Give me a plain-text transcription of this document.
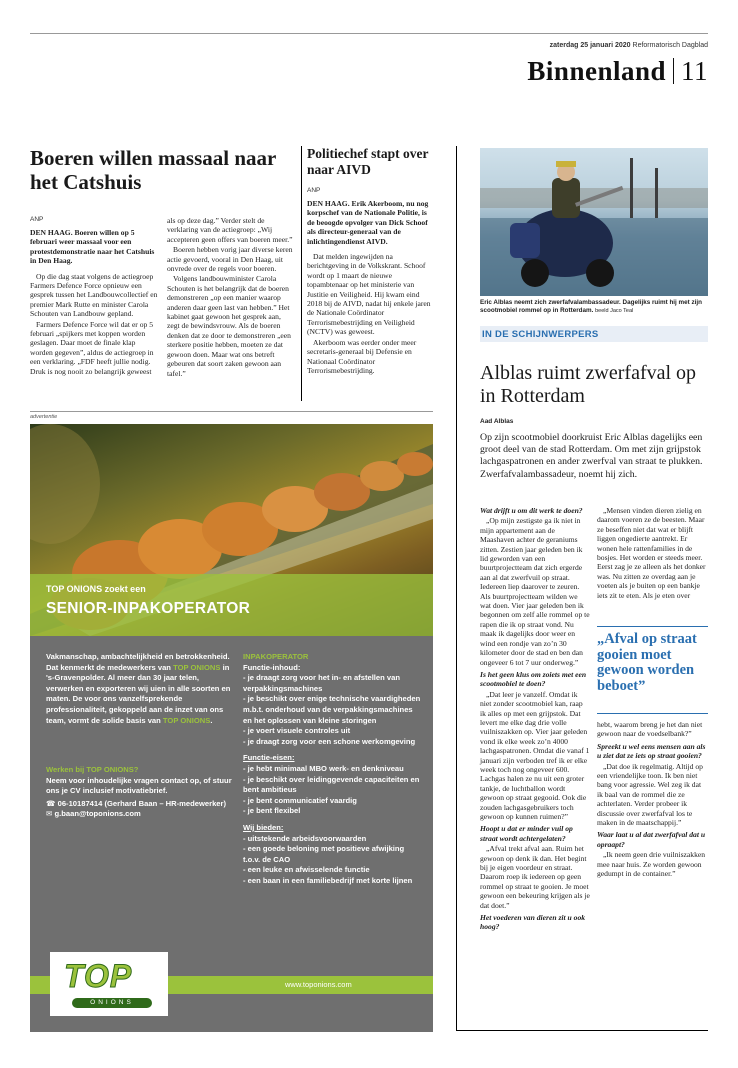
zaterdag 25 januari 2020 Reformatorisch Dagblad
Binnenland 11
Boeren willen massaal naar het Catshuis
ANP

DEN HAAG. Boeren willen op 5 februari weer massaal voor een protestdemonstratie naar het Catshuis in Den Haag.

Op die dag staat volgens de actiegroep Farmers Defence Force opnieuw een gesprek tussen het Landbouwcollectief en premier Mark Rutte en minister Carola Schouten van Landbouw gepland.

Farmers Defence Force wil dat er op 5 februari „spijkers met koppen worden geslagen. Daar moet de finale klap worden gegeven”, aldus de actiegroep in een verklaring. „FDF heeft jullie nodig. Druk is nog nooit zo belangrijk geweest

als op deze dag.” Verder stelt de verklaring van de actiegroep: „Wij accepteren geen offers van boeren meer.”

Boeren hebben vorig jaar diverse keren actie gevoerd, vooral in Den Haag, uit onvrede over de regels voor boeren.

Volgens landbouwminister Carola Schouten is het belangrijk dat de boeren demonstreren „op een manier waarop anderen daar geen last van hebben.” Het kabinet gaat gewoon het gesprek aan, zegt de bewindsvrouw. Als de boeren denken dat ze door te demonstreren „een sterkere positie hebben, moeten ze dat gewoon doen. Maar wat ons betreft gebeuren dat soort zaken gewoon aan tafel.”

Politiechef stapt over naar AIVD
ANP

DEN HAAG. Erik Akerboom, nu nog korpschef van de Nationale Politie, is de beoogde opvolger van Dick Schoof als directeur-generaal van de inlichtingendienst AIVD.

Dat melden ingewijden na berichtgeving in de Volkskrant. Schoof wordt op 1 maart de nieuwe topambtenaar op het ministerie van Justitie en Veiligheid. Hij kwam eind 2018 bij de AIVD, nadat hij enkele jaren de Nationale Coördinator Terrorismebestrijding en Veiligheid (NCTV) was geweest.

Akerboom was eerder onder meer secretaris-generaal bij Defensie en Nationaal Coördinator Terrorismebestrijding.

advertentie
TOP ONIONS zoekt een
SENIOR-INPAKOPERATOR
Vakmanschap, ambachtelijkheid en betrokkenheid. Dat kenmerkt de medewerkers van TOP ONIONS in 's-Gravenpolder. Al meer dan 30 jaar telen, verwerken en exporteren wij uien in alle soorten en maten. De voor ons vanzelfsprekende professionaliteit, gekoppeld aan de inzet van ons team, vormt de solide basis van TOP ONIONS.
Werken bij TOP ONIONS?
Neem voor inhoudelijke vragen contact op, of stuur ons je CV inclusief motivatiebrief.
☎ 06-10187414 (Gerhard Baan – HR-medewerker)
✉ g.baan@toponions.com
INPAKOPERATOR
Functie-inhoud:
- je draagt zorg voor het in- en afstellen van verpakkingsmachines
- je beschikt over enige technische vaardigheden m.b.t. onderhoud van de verpakkingsmachines en het oplossen van kleine storingen
- je voert visuele controles uit
- je draagt zorg voor een schone werkomgeving
Functie-eisen:
- je hebt minimaal MBO werk- en denkniveau
- je beschikt over leidinggevende capaciteiten en bent ambitieus
- je bent communicatief vaardig
- je bent flexibel
Wij bieden:
- uitstekende arbeidsvoorwaarden
- een goede beloning met positieve afwijking t.o.v. de CAO
- een leuke en afwisselende functie
- een baan in een familiebedrijf met korte lijnen
www.toponions.com
TOP
ONIONS
Eric Alblas neemt zich zwerfafvalambassadeur. Dagelijks ruimt hij met zijn scootmobiel rommel op in Rotterdam. beeld Jaco Teal
IN DE SCHIJNWERPERS
Alblas ruimt zwerfafval op in Rotterdam
Aad Alblas
Op zijn scootmobiel doorkruist Eric Alblas dagelijks een groot deel van de stad Rotterdam. Om met zijn grijpstok lachgaspatronen en ander zwerfval van straat te plukken. Zwerfafvalambassadeur, noemt hij zich.

Wat drijft u om dit werk te doen?

„Op mijn zestigste ga ik niet in mijn appartement aan de Maashaven achter de geraniums zitten. Zestien jaar geleden ben ik lid geworden van een buurtprojectteam dat zich ergerde aan al dat zwerfvuil op straat. Iedereen liep daarover te zeuren. Als buurtprojectteam wilden we wat doen. Vier jaar geleden ben ik begonnen om zelf alle rommel op te rapen die ik op straat vond. Nu maak ik dagelijks door weer en wind een rondje van zo’n 30 kilometer door de stad en ben dan ongeveer 6 tot 7 uur onderweg.”

Is het geen klus om zoiets met een scootmobiel te doen?

„Dat leer je vanzelf. Omdat ik niet zonder scootmobiel kan, raap ik alles op met een grijpstok. Dat levert me elke dag drie volle vuilniszakken op. Vier jaar geleden vond ik elke week zo’n 4000 lachgaspatronen. Omdat die vanaf 1 januari zijn verboden tref ik er elke week toch nog ongeveer 600. Lachgas halen ze nu uit een groter tankje, de luchtballon wordt gewoon op straat gegooid. Ook die zouden lachgasgebruikers toch gewoon op kunnen ruimen?”

Hoopt u dat er minder vuil op straat wordt achtergelaten?

„Afval trekt afval aan. Ruim het gewoon op denk ik dan. Het begint bij je eigen voordeur en straat. Daarom roep ik iedereen op geen rommel op straat te gooien. Je moet gewoon een bekeuring krijgen als je dat doet.”

Het voederen van dieren zit u ook hoog?

„Mensen vinden dieren zielig en daarom voeren ze de beesten. Maar ze beseffen niet dat wat er blijft liggen ongedierte aantrekt. Er wonen hele rattenfamilies in de bosjes. Het worden er steeds meer. Eerst zag je ze alleen als het donker was. Nu zitten ze overdag aan je voeten als je buiten op een bankje iets zit te eten. Als je eten over

„Afval op straat gooien moet gewoon worden beboet”

hebt, waarom breng je het dan niet gewoon naar de voedselbank?”

Spreekt u wel eens mensen aan als u ziet dat ze iets op straat gooien?

„Dat doe ik regelmatig. Altijd op een vriendelijke toon. Ik ben niet bang voor agressie. Wel zeg ik dat ik baal van de rommel die ze achterlaten. Verder probeer ik discussie over zwerfafval los te maken in de maatschappij.”

Waar laat u al dat zwerfafval dat u opraapt?

„Ik neem geen drie vuilniszakken mee naar huis. Ze worden gewoon gedumpt in de container.”
